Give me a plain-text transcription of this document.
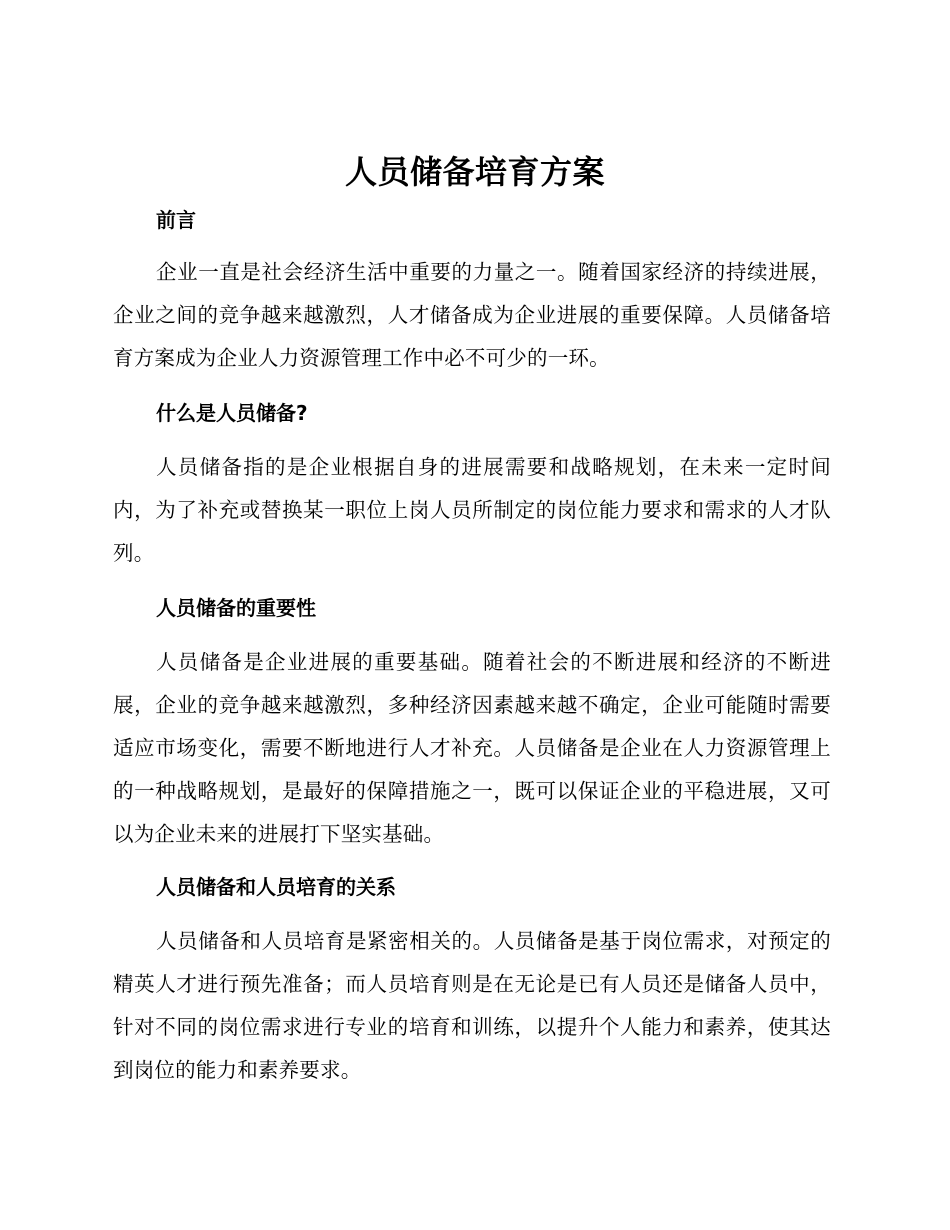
人员储备培育方案
前言

企业一直是社会经济生活中重要的力量之一。随着国家经济的持续进展，企业之间的竞争越来越激烈，人才储备成为企业进展的重要保障。人员储备培育方案成为企业人力资源管理工作中必不可少的一环。

什么是人员储备?

人员储备指的是企业根据自身的进展需要和战略规划，在未来一定时间内，为了补充或替换某一职位上岗人员所制定的岗位能力要求和需求的人才队列。

人员储备的重要性

人员储备是企业进展的重要基础。随着社会的不断进展和经济的不断进展，企业的竞争越来越激烈，多种经济因素越来越不确定，企业可能随时需要适应市场变化，需要不断地进行人才补充。人员储备是企业在人力资源管理上的一种战略规划，是最好的保障措施之一，既可以保证企业的平稳进展，又可以为企业未来的进展打下坚实基础。

人员储备和人员培育的关系

人员储备和人员培育是紧密相关的。人员储备是基于岗位需求，对预定的精英人才进行预先准备；而人员培育则是在无论是已有人员还是储备人员中，针对不同的岗位需求进行专业的培育和训练，以提升个人能力和素养，使其达到岗位的能力和素养要求。
